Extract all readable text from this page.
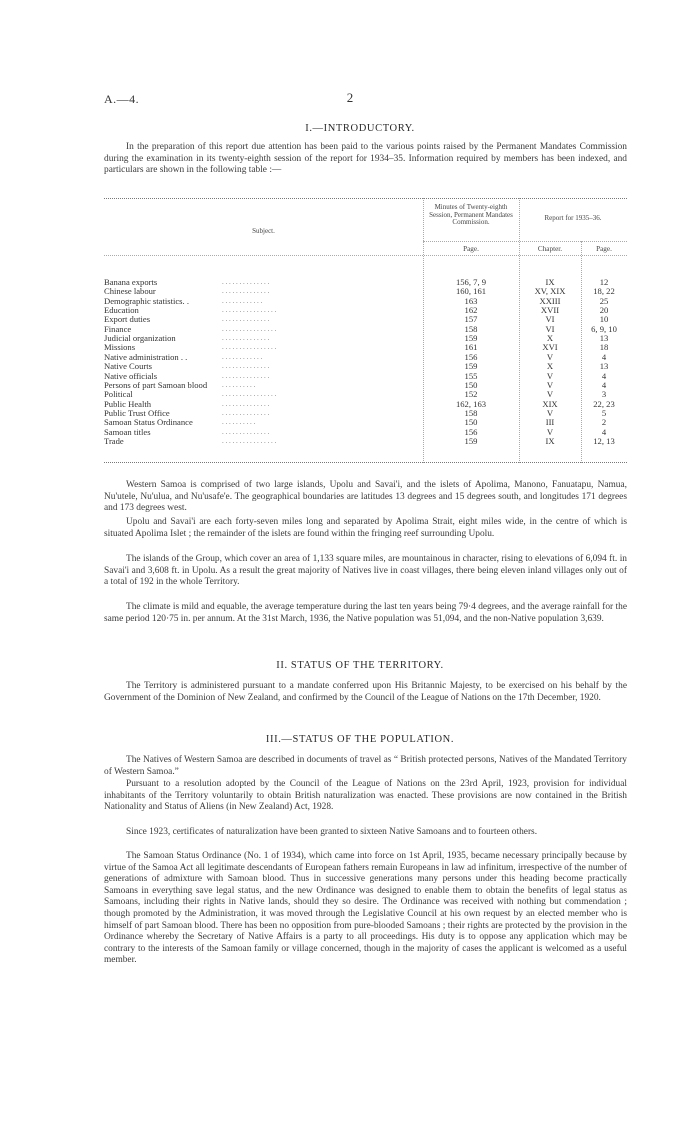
A.—4.	2
I.—INTRODUCTORY.

In the preparation of this report due attention has been paid to the various points raised by the Permanent Mandates Commission during the examination in its twenty-eighth session of the report for 1934–35. Information required by members has been indexed, and particulars are shown in the following table :—

Subject.
Minutes of Twenty-eighth Session, Permanent Mandates Commission.
Report for 1935–36.
Page.	Chapter.	Page.
Banana exports	. . . . . . . . . . . . . .	156, 7, 9	IX	12
Chinese labour	. . . . . . . . . . . . . .	160, 161	XV, XIX	18, 22
Demographic statistics. .	. . . . . . . . . . . .	163	XXIII	25
Education	. . . . . . . . . . . . . . . .	162	XVII	20
Export duties	. . . . . . . . . . . . . .	157	VI	10
Finance	. . . . . . . . . . . . . . . .	158	VI	6, 9, 10
Judicial organization	. . . . . . . . . . . . . .	159	X	13
Missions	. . . . . . . . . . . . . . . .	161	XVI	18
Native administration . .	. . . . . . . . . . . .	156	V	4
Native Courts	. . . . . . . . . . . . . .	159	X	13
Native officials	. . . . . . . . . . . . . .	155	V	4
Persons of part Samoan blood . . . . . . . . . .	150	V	4
Political	. . . . . . . . . . . . . . . .	152	V	3
Public Health	. . . . . . . . . . . . . .	162, 163	XIX	22, 23
Public Trust Office	. . . . . . . . . . . . . .	158	V	5
Samoan Status Ordinance	. . . . . . . . . .	150	III	2
Samoan titles	. . . . . . . . . . . . . .	156	V	4
Trade	. . . . . . . . . . . . . . . .	159	IX	12, 13

Western Samoa is comprised of two large islands, Upolu and Savai'i, and the islets of Apolima, Manono, Fanuatapu, Namua, Nu'utele, Nu'ulua, and Nu'usafe'e. The geographical boundaries are latitudes 13 degrees and 15 degrees south, and longitudes 171 degrees and 173 degrees west.

Upolu and Savai'i are each forty-seven miles long and separated by Apolima Strait, eight miles wide, in the centre of which is situated Apolima Islet ; the remainder of the islets are found within the fringing reef surrounding Upolu.

The islands of the Group, which cover an area of 1,133 square miles, are mountainous in character, rising to elevations of 6,094 ft. in Savai'i and 3,608 ft. in Upolu. As a result the great majority of Natives live in coast villages, there being eleven inland villages only out of a total of 192 in the whole Territory.

The climate is mild and equable, the average temperature during the last ten years being 79·4 degrees, and the average rainfall for the same period 120·75 in. per annum. At the 31st March, 1936, the Native population was 51,094, and the non-Native population 3,639.

II. STATUS OF THE TERRITORY.

The Territory is administered pursuant to a mandate conferred upon His Britannic Majesty, to be exercised on his behalf by the Government of the Dominion of New Zealand, and confirmed by the Council of the League of Nations on the 17th December, 1920.

III.—STATUS OF THE POPULATION.

The Natives of Western Samoa are described in documents of travel as “ British protected persons, Natives of the Mandated Territory of Western Samoa.”

Pursuant to a resolution adopted by the Council of the League of Nations on the 23rd April, 1923, provision for individual inhabitants of the Territory voluntarily to obtain British naturalization was enacted. These provisions are now contained in the British Nationality and Status of Aliens (in New Zealand) Act, 1928.

Since 1923, certificates of naturalization have been granted to sixteen Native Samoans and to fourteen others.

The Samoan Status Ordinance (No. 1 of 1934), which came into force on 1st April, 1935, became necessary principally because by virtue of the Samoa Act all legitimate descendants of European fathers remain Europeans in law ad infinitum, irrespective of the number of generations of admixture with Samoan blood. Thus in successive generations many persons under this heading become practically Samoans in everything save legal status, and the new Ordinance was designed to enable them to obtain the benefits of legal status as Samoans, including their rights in Native lands, should they so desire. The Ordinance was received with nothing but commendation ; though promoted by the Administration, it was moved through the Legislative Council at his own request by an elected member who is himself of part Samoan blood. There has been no opposition from pure-blooded Samoans ; their rights are protected by the provision in the Ordinance whereby the Secretary of Native Affairs is a party to all proceedings. His duty is to oppose any application which may be contrary to the interests of the Samoan family or village concerned, though in the majority of cases the applicant is welcomed as a useful member.
